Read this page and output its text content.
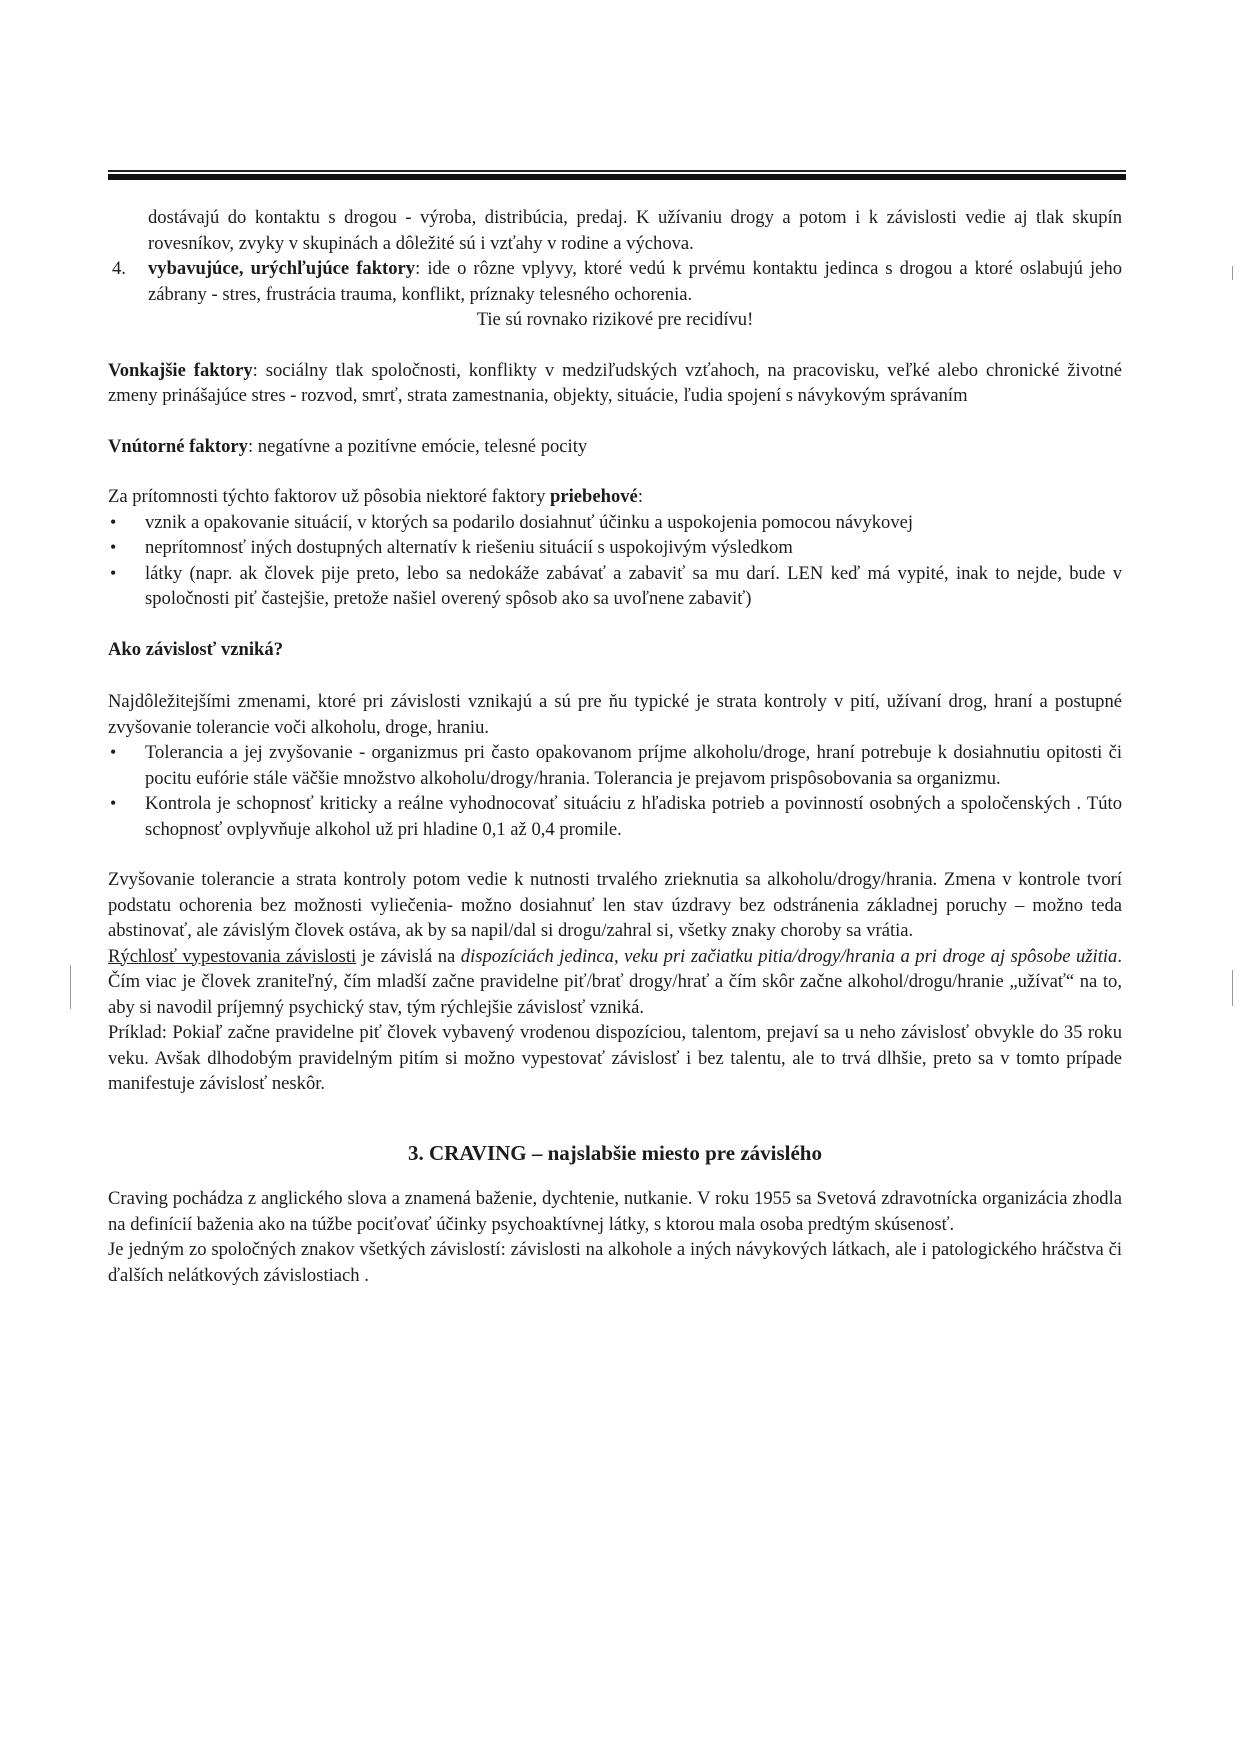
dostávajú do kontaktu s drogou - výroba, distribúcia, predaj. K užívaniu drogy a potom i k závislosti vedie aj tlak skupín rovesníkov, zvyky v skupinách a dôležité sú i vzťahy v rodine a výchova.

4. vybavujúce, urýchľujúce faktory: ide o rôzne vplyvy, ktoré vedú k prvému kontaktu jedinca s drogou a ktoré oslabujú jeho zábrany - stres, frustrácia trauma, konflikt, príznaky telesného ochorenia.

Tie sú rovnako rizikové pre recidívu!

Vonkajšie faktory: sociálny tlak spoločnosti, konflikty v medziľudských vzťahoch, na pracovisku, veľké alebo chronické životné zmeny prinášajúce stres - rozvod, smrť, strata zamestnania, objekty, situácie, ľudia spojení s návykovým správaním

Vnútorné faktory: negatívne a pozitívne emócie, telesné pocity

Za prítomnosti týchto faktorov už pôsobia niektoré faktory priebehové:

• vznik a opakovanie situácií, v ktorých sa podarilo dosiahnuť účinku a uspokojenia pomocou návykovej
• neprítomnosť iných dostupných alternatív k riešeniu situácií s uspokojivým výsledkom
• látky (napr. ak človek pije preto, lebo sa nedokáže zabávať a zabaviť sa mu darí. LEN keď má vypité, inak to nejde, bude v spoločnosti piť častejšie, pretože našiel overený spôsob ako sa uvoľnene zabaviť)

Ako závislosť vzniká?

Najdôležitejšími zmenami, ktoré pri závislosti vznikajú a sú pre ňu typické je strata kontroly v pití, užívaní drog, hraní a postupné zvyšovanie tolerancie voči alkoholu, droge, hraniu.

• Tolerancia a jej zvyšovanie - organizmus pri často opakovanom príjme alkoholu/droge, hraní potrebuje k dosiahnutiu opitosti či pocitu eufórie stále väčšie množstvo alkoholu/drogy/hrania. Tolerancia je prejavom prispôsobovania sa organizmu.
• Kontrola je schopnosť kriticky a reálne vyhodnocovať situáciu z hľadiska potrieb a povinností osobných a spoločenských . Túto schopnosť ovplyvňuje alkohol už pri hladine 0,1 až 0,4 promile.

Zvyšovanie tolerancie a strata kontroly potom vedie k nutnosti trvalého zrieknutia sa alkoholu/drogy/hrania. Zmena v kontrole tvorí podstatu ochorenia bez možnosti vyliečenia- možno dosiahnuť len stav úzdravy bez odstránenia základnej poruchy – možno teda abstinovať, ale závislým človek ostáva, ak by sa napil/dal si drogu/zahral si, všetky znaky choroby sa vrátia.

Rýchlosť vypestovania závislosti je závislá na dispozíciách jedinca, veku pri začiatku pitia/drogy/hrania a pri droge aj spôsobe užitia. Čím viac je človek zraniteľný, čím mladší začne pravidelne piť/brať drogy/hrať a čím skôr začne alkohol/drogu/hranie „užívať“ na to, aby si navodil príjemný psychický stav, tým rýchlejšie závislosť vzniká.

Príklad: Pokiaľ začne pravidelne piť človek vybavený vrodenou dispozíciou, talentom, prejaví sa u neho závislosť obvykle do 35 roku veku. Avšak dlhodobým pravidelným pitím si možno vypestovať závislosť i bez talentu, ale to trvá dlhšie, preto sa v tomto prípade manifestuje závislosť neskôr.

3. CRAVING – najslabšie miesto pre závislého

Craving pochádza z anglického slova a znamená baženie, dychtenie, nutkanie. V roku 1955 sa Svetová zdravotnícka organizácia zhodla na definícií baženia ako na túžbe pociťovať účinky psychoaktívnej látky, s ktorou mala osoba predtým skúsenosť.

Je jedným zo spoločných znakov všetkých závislostí: závislosti na alkohole a iných návykových látkach, ale i patologického hráčstva či ďalších nelátkových závislostiach .
